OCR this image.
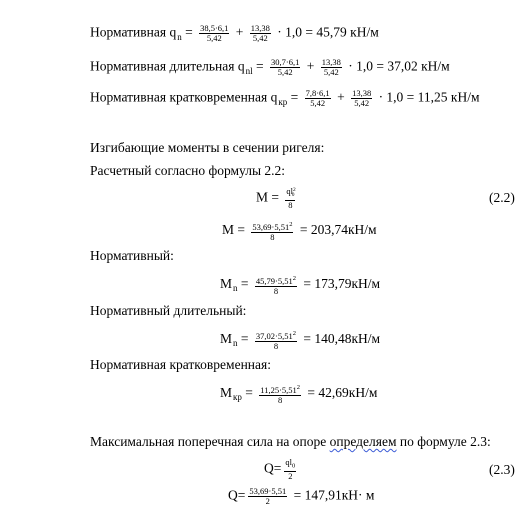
Нормативная $q_n = \frac{38,5\cdot 6,1}{5,42} + \frac{13,38}{5,42} \cdot 1,0 = 45,79$ кН/м
Нормативная длительная $q_{nl} = \frac{30,7\cdot 6,1}{5,42} + \frac{13,38}{5,42} \cdot 1,0 = 37,02$ кН/м
Нормативная кратковременная $q_{кр} = \frac{7,8\cdot 6,1}{5,42} + \frac{13,38}{5,42} \cdot 1,0 = 11,25$ кН/м
Изгибающие моменты в сечении ригеля:
Расчетный согласно формулы 2.2:
$M = \frac{ql^2_0}{8}$	(2.2)
$M = \frac{53,69\cdot 5,51^2}{8} = 203,74кН/м$
Нормативный:
$M_n = \frac{45,79\cdot 5,51^2}{8} = 173,79кН/м$
Нормативный длительный:
$M_n = \frac{37,02\cdot 5,51^2}{8} = 140,48кН/м$
Нормативная кратковременная:
$M_{кр} = \frac{11,25\cdot 5,51^2}{8} = 42,69кН/м$
Максимальная поперечная сила на опоре определяем по формуле 2.3:
$Q= \frac{ql_0}{2}$	(2.3)
$Q= \frac{53,69\cdot 5,51}{2} = 147,91кН\cdot м$
